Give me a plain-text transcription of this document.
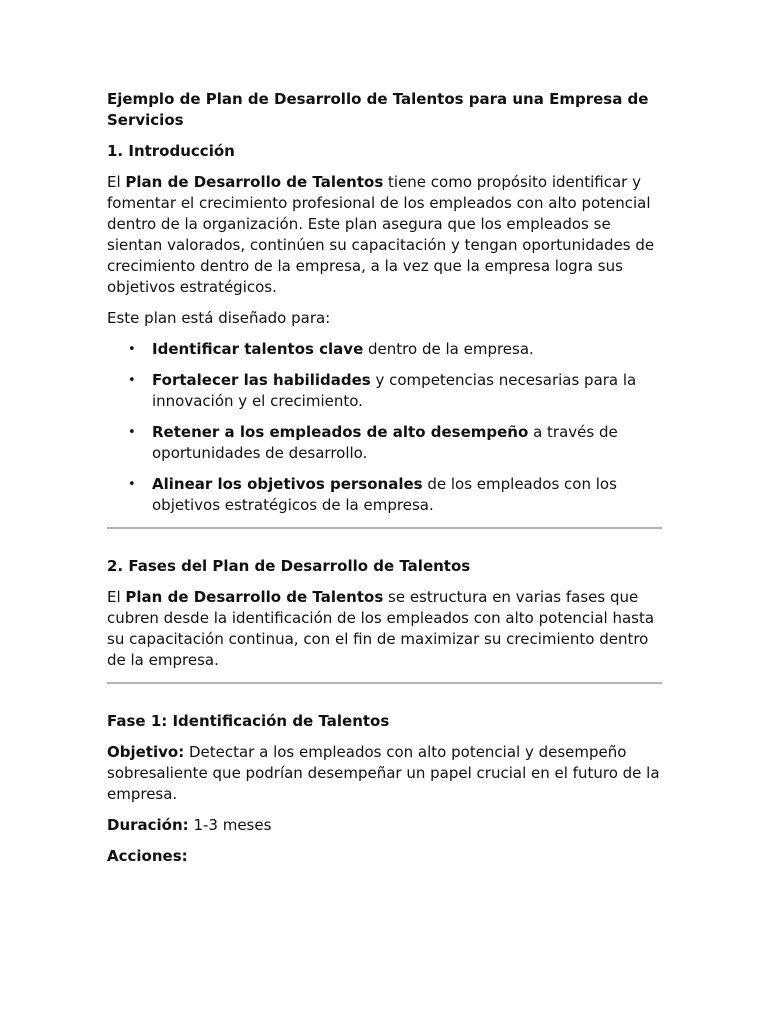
Ejemplo de Plan de Desarrollo de Talentos para una Empresa de Servicios
1. Introducción

El Plan de Desarrollo de Talentos tiene como propósito identificar y fomentar el crecimiento profesional de los empleados con alto potencial dentro de la organización. Este plan asegura que los empleados se sientan valorados, continúen su capacitación y tengan oportunidades de crecimiento dentro de la empresa, a la vez que la empresa logra sus objetivos estratégicos.

Este plan está diseñado para:

• Identificar talentos clave dentro de la empresa.
• Fortalecer las habilidades y competencias necesarias para la innovación y el crecimiento.
• Retener a los empleados de alto desempeño a través de oportunidades de desarrollo.
• Alinear los objetivos personales de los empleados con los objetivos estratégicos de la empresa.
2. Fases del Plan de Desarrollo de Talentos

El Plan de Desarrollo de Talentos se estructura en varias fases que cubren desde la identificación de los empleados con alto potencial hasta su capacitación continua, con el fin de maximizar su crecimiento dentro de la empresa.

Fase 1: Identificación de Talentos

Objetivo: Detectar a los empleados con alto potencial y desempeño sobresaliente que podrían desempeñar un papel crucial en el futuro de la empresa.

Duración: 1-3 meses

Acciones:
